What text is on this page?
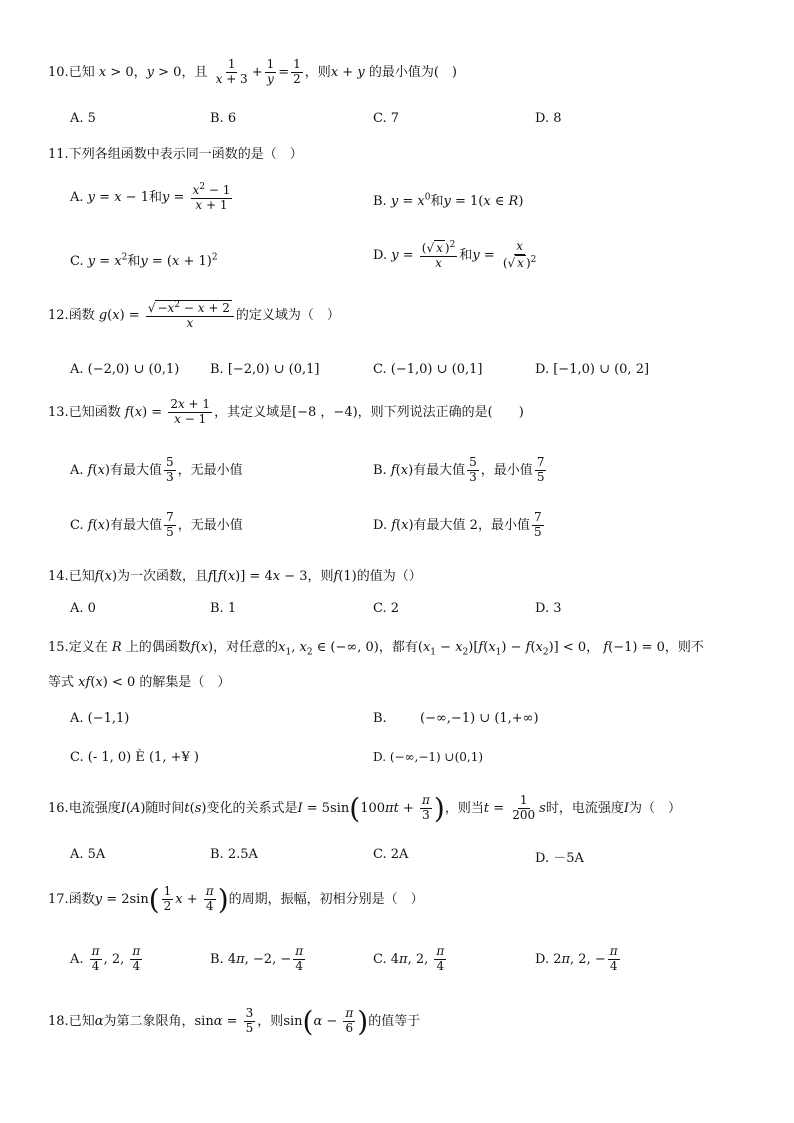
10.已知 x > 0，y > 0，且 $\frac{1}{x + 3} + \frac{1}{y} = \frac{1}{2}$ ，则x + y 的最小值为(　)
A. 5	B. 6	C. 7	D. 8
11.下列各组函数中表示同一函数的是（　）
A. y = x − 1和$y = \frac{x^2 - 1}{x + 1}$	B. $y = x^0$和y = 1(x ∈ R)
C. $y = x^2$和$y = (x + 1)^2$	D. $y = \frac{(√ x )^2}{x}$ 和$y = \frac{x}{(√ x )^2}$
12.函数 $g(x) = \frac{√ -x^2 - x + 2}{x}$ 的定义域为（　）
A. (−2,0) ∪ (0,1) B. [−2,0) ∪ (0,1]	C. (−1,0) ∪ (0,1]	D. [−1,0) ∪ (0, 2]
13.已知函数 $f(x) = \frac{2x + 1}{x - 1}$ ，其定义域是[−8 ，−4)，则下列说法正确的是(　　)
A. f(x)有最大值 $\frac{5}{3}$ ，无最小值	B. f(x)有最大值 $\frac{5}{3}$ ，最小值 $\frac{7}{5}$
C. f(x)有最大值 $\frac{7}{5}$ ，无最小值	D. f(x)有最大值 2，最小值 $\frac{7}{5}$
14.已知f(x)为一次函数，且f[f(x)] = 4x − 3，则f(1)的值为（）
A. 0	B. 1	C. 2	D. 3
15.定义在 R 上的偶函数f(x)，对任意的$x_1$, $x_2$ ∈ (−∞, 0)，都有$(x_1 - x_2)[f(x_1) - f(x_2)] < 0$， f(−1) = 0，则不
等式 xf(x) < 0 的解集是（　）
A. (−1,1)	B.	(−∞,−1) ∪ (1,+∞)
C. (- 1, 0) È (1, +¥ )	D. (−∞,−1) ∪(0,1)
16.电流强度I(A)随时间t(s)变化的关系式是$I = 5\sin(100\pi t + \frac{\pi}{3}$ )，则当$t = \frac{1}{200}$ s时，电流强度I为（　）
A. 5A	B. 2.5A	C. 2A	D. －5A
17.函数$y = 2\sin( \frac{1}{2}$ $x + \frac{\pi}{4}$ )的周期，振幅，初相分别是（　）
A. $\frac{\pi}{4}$ , 2, $\frac{\pi}{4}$	B. 4π, −2, − $\frac{\pi}{4}$	C. 4π, 2, $\frac{\pi}{4}$	D. 2π, 2, − $\frac{\pi}{4}$
18.已知α为第二象限角，$\sin\alpha = \frac{3}{5}$ ，则$\sin(\alpha - \frac{\pi}{6}$ )的值等于
